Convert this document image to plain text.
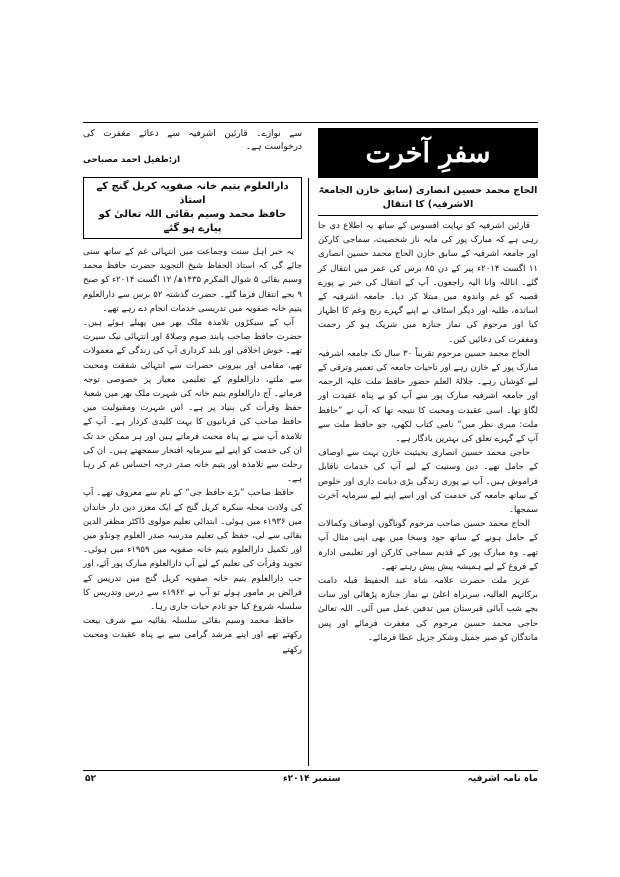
سے نوازے۔ قارئین اشرفیہ سے دعائے مغفرت کی درخواست ہے۔

از:طفیل احمد مصباحی

دارالعلوم یتیم خانہ صفویہ کریل گنج کے استاذ
حافظ محمد وسیم بقائی اللہ تعالیٰ کو پیارے ہو گئے

یہ خبر اہل سنت وجماعت میں انتہائی غم کے ساتھ سنی جائے گی کہ استاذ الحفاظ شیخ التجوید حضرت حافظ محمد وسیم بقائی ۵ شوال المکرم ۱۴۳۵ھ/ ۱۲ اگست ۲۰۱۴ء کو صبح ۹ بجے انتقال فرما گئے۔ حضرت گذشتہ ۵۲ برس سے دارالعلوم یتیم خانہ صفویہ میں تدریسی خدمات انجام دے رہے تھے۔

آپ کے سیکڑوں تلامذہ ملک بھر میں پھیلے ہوئے ہیں۔ حضرت حافظ صاحب پابند صوم وصلاۃ اور انتہائی نیک سیرت تھے۔ خوش اخلاقی اور بلند کرداری آپ کی زندگی کے معمولات تھے، مقامی اور بیرونی حضرات سے انتہائی شفقت ومحبت سے ملتے، دارالعلوم کے تعلیمی معیار پر خصوصی توجہ فرماتے۔ آج دارالعلوم یتیم خانہ کی شہرت ملک بھر میں شعبۂ حفظ وقرأت کی بنیاد پر ہے۔ اس شہرت ومقبولیت میں حافظ صاحب کی قربانیوں کا بہت کلیدی کردار ہے۔ آپ کے تلامذہ آپ سے بے پناہ محبت فرماتے ہیں اور ہر ممکن حد تک ان کی خدمت کو اپنے لیے سرمایہ افتخار سمجھتے ہیں۔ ان کی رحلت سے تلامذہ اور یتیم خانہ صدر درجہ احساس غم کر رہا ہے۔

حافظ صاحب ”بڑے حافظ جی“ کے نام سے معروف تھے۔ آپ کی ولادت محلہ سکرہ کریل گنج کے ایک معزز دین دار خاندان میں ۱۹۳۶ء میں ہوئی۔ ابتدائی تعلیم مولوی ڈاکٹر مظفر الدین بقائی سے لی، حفظ کی تعلیم مدرسہ صدر العلوم چونڈو میں اور تکمیل دارالعلوم یتیم خانہ صفویہ میں ۱۹۵۹ء میں ہوئی۔ تجوید وقرأت کی تعلیم کے لیے آپ دارالعلوم مبارک پور آئے، اور جب دارالعلوم یتیم خانہ صفویہ کریل گنج میں تدریس کے فرائض پر مامور ہوئے تو آپ نے ۱۹۶۲ء سے درس وتدریس کا سلسلہ شروع کیا جو تادم حیات جاری رہا۔

حافظ محمد وسیم بقائی سلسلہ بقائیہ سے شرف بیعت رکھتے تھے اور اپنے مرشد گرامی سے بے پناہ عقیدت ومحبت رکھتے

سفرِ آخرت
الحاج محمد حسین انصاری (سابق خازن الجامعۃ الاشرفیہ) کا انتقال

قارئین اشرفیہ کو نہایت افسوس کے ساتھ یہ اطلاع دی جا رہی ہے کہ مبارک پور کی مایہ ناز شخصیت، سماجی کارکن اور جامعہ اشرفیہ کے سابق خازن الحاج محمد حسین انصاری ۱۱ اگست ۲۰۱۴ء پیر کے دن ۸۵ برس کی عمر میں انتقال کر گئے۔ اناللہ وانا الیہ راجعون۔ آپ کے انتقال کی خبر نے پورے قصبہ کو غم واندوہ میں مبتلا کر دیا۔ جامعہ اشرفیہ کے اساتذہ، طلبہ اور دیگر اسٹاف نے اپنے گہرے رنج وغم کا اظہار کیا اور مرحوم کی نماز جنازہ میں شریک ہو کر رحمت ومغفرت کی دعائیں کیں۔

الحاج محمد حسین مرحوم تقریباً ۳۰ سال تک جامعہ اشرفیہ مبارک پور کے خازن رہے اور تاحیات جامعہ کی تعمیر وترقی کے لیے کوشاں رہے۔ جلالۃ العلم حضور حافظ ملت علیہ الرحمہ اور جامعہ اشرفیہ مبارک پور سے آپ کو بے پناہ عقیدت اور لگاؤ تھا۔ اسی عقیدت ومحبت کا نتیجہ تھا کہ آپ نے ”حافظ ملت: میری نظر میں“ نامی کتاب لکھی، جو حافظ ملت سے آپ کے گہرے تعلق کی بہترین یادگار ہے۔

حاجی محمد حسین انصاری بحیثیت خازن بہت سے اوصاف کے حامل تھے۔ دین وسنیت کے لیے آپ کی خدمات ناقابل فراموش ہیں۔ آپ نے پوری زندگی بڑی دیانت داری اور خلوص کے ساتھ جامعہ کی خدمت کی اور اسے اپنے لیے سرمایہ آخرت سمجھا۔

الحاج محمد حسین صاحب مرحوم گوناگوں اوصاف وکمالات کے حامل ہونے کے ساتھ جود وسخا میں بھی اپنی مثال آپ تھے۔ وہ مبارک پور کے قدیم سماجی کارکن اور تعلیمی ادارہ کے فروغ کے لیے ہمیشہ پیش پیش رہتے تھے۔

عزیز ملت حضرت علامہ شاہ عبد الحفیظ قبلہ دامت برکاتہم العالیہ، سربراہ اعلیٰ نے نماز جنازہ پڑھائی اور سات بجے شب آبائی قبرستان میں تدفین عمل میں آئی۔ اللہ تعالیٰ حاجی محمد حسین مرحوم کی مغفرت فرمائے اور پس ماندگان کو صبر جمیل وشکر جزیل عطا فرمائے۔

ماہ نامہ اشرفیہ
ستمبر ۲۰۱۴ء
۵۲
